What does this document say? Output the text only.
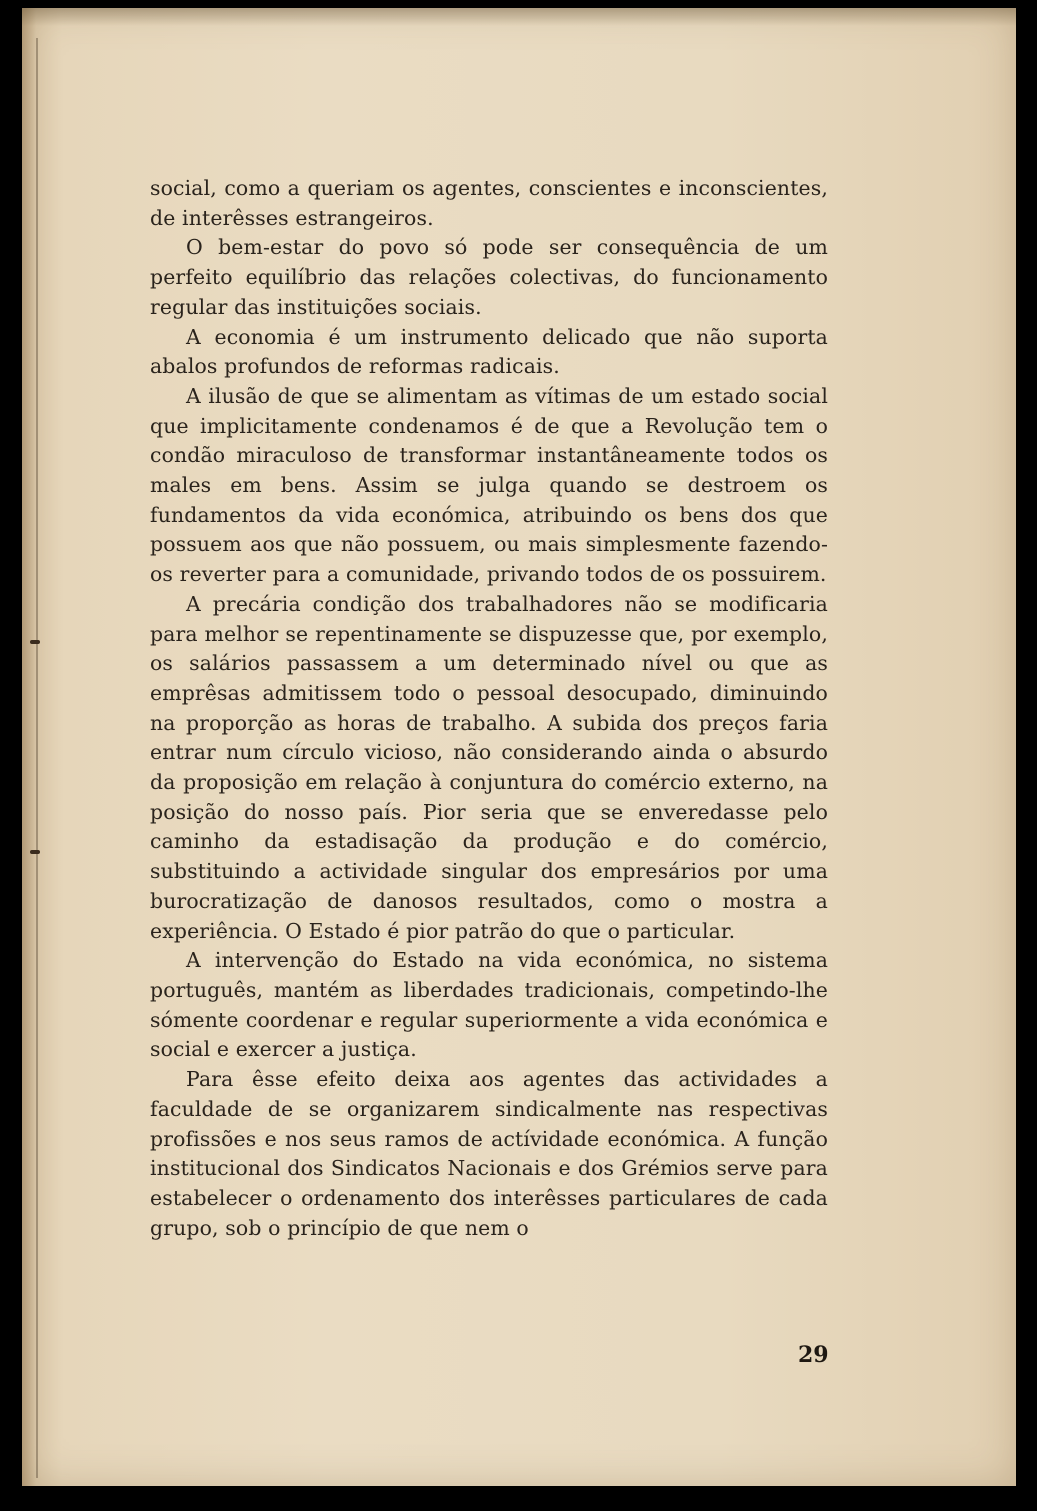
social, como a queriam os agentes, conscientes e inconscientes, de interêsses estrangeiros.

O bem-estar do povo só pode ser consequência de um perfeito equilíbrio das relações colectivas, do funcionamento regular das instituições sociais.

A economia é um instrumento delicado que não suporta abalos profundos de reformas radicais.

A ilusão de que se alimentam as vítimas de um estado social que implicitamente condenamos é de que a Revolução tem o condão miraculoso de transformar instantâneamente todos os males em bens. Assim se julga quando se destroem os fundamentos da vida económica, atribuindo os bens dos que possuem aos que não possuem, ou mais simplesmente fazendo-os reverter para a comunidade, privando todos de os possuirem.

A precária condição dos trabalhadores não se modificaria para melhor se repentinamente se dispuzesse que, por exemplo, os salários passassem a um determinado nível ou que as emprêsas admitissem todo o pessoal desocupado, diminuindo na proporção as horas de trabalho. A subida dos preços faria entrar num círculo vicioso, não considerando ainda o absurdo da proposição em relação à conjuntura do comércio externo, na posição do nosso país. Pior seria que se enveredasse pelo caminho da estadisação da produção e do comércio, substituindo a actividade singular dos empresários por uma burocratização de danosos resultados, como o mostra a experiência. O Estado é pior patrão do que o particular.

A intervenção do Estado na vida económica, no sistema português, mantém as liberdades tradicionais, competindo-lhe sómente coordenar e regular superiormente a vida económica e social e exercer a justiça.

Para êsse efeito deixa aos agentes das actividades a faculdade de se organizarem sindicalmente nas respectivas profissões e nos seus ramos de actívidade económica. A função institucional dos Sindicatos Nacionais e dos Grémios serve para estabelecer o ordenamento dos interêsses particulares de cada grupo, sob o princípio de que nem o

29
